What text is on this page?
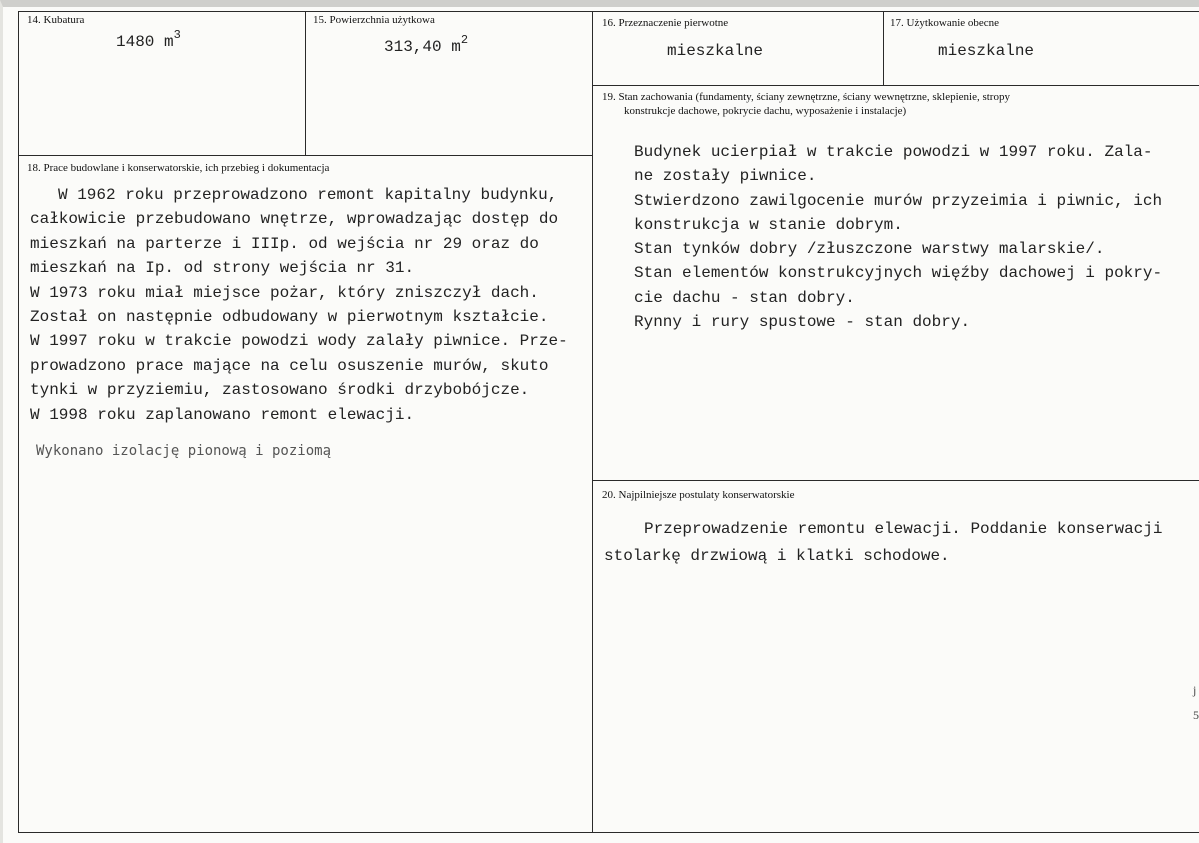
14. Kubatura
1480 $m^3$
15. Powierzchnia użytkowa
313,40 $m^2$
16. Przeznaczenie pierwotne
mieszkalne
17. Użytkowanie obecne
mieszkalne
18. Prace budowlane i konserwatorskie, ich przebieg i dokumentacja
W 1962 roku przeprowadzono remont kapitalny budynku,
całkowicie przebudowano wnętrze, wprowadzając dostęp do
mieszkań na parterze i IIIp. od wejścia nr 29 oraz do
mieszkań na Ip. od strony wejścia nr 31.
W 1973 roku miał miejsce pożar, który zniszczył dach.
Został on następnie odbudowany w pierwotnym kształcie.
W 1997 roku w trakcie powodzi wody zalały piwnice. Prze-
prowadzono prace mające na celu osuszenie murów, skuto
tynki w przyziemiu, zastosowano środki drzybobójcze.
W 1998 roku zaplanowano remont elewacji.
Wykonano izolację pionową i poziomą
19. Stan zachowania (fundamenty, ściany zewnętrzne, ściany wewnętrzne, sklepienie, stropy
konstrukcje dachowe, pokrycie dachu, wyposażenie i instalacje)
Budynek ucierpiał w trakcie powodzi w 1997 roku. Zala-
ne zostały piwnice.
Stwierdzono zawilgocenie murów przyzeimia i piwnic, ich
konstrukcja w stanie dobrym.
Stan tynków dobry /złuszczone warstwy malarskie/.
Stan elementów konstrukcyjnych więźby dachowej i pokry-
cie dachu - stan dobry.
Rynny i rury spustowe - stan dobry.
20. Najpilniejsze postulaty konserwatorskie
Przeprowadzenie remontu elewacji. Poddanie konserwacji
stolarkę drzwiową i klatki schodowe.
j
5
